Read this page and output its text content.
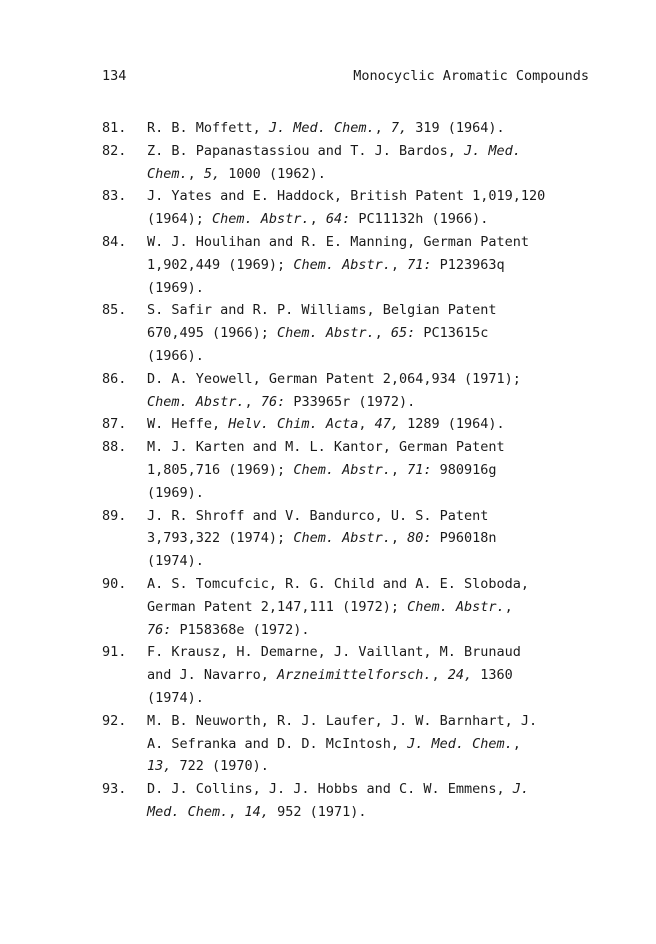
134	Monocyclic Aromatic Compounds
81. R. B. Moffett, J. Med. Chem., 7, 319 (1964).
82. Z. B. Papanastassiou and T. J. Bardos, J. Med.
Chem., 5, 1000 (1962).
83. J. Yates and E. Haddock, British Patent 1,019,120
(1964); Chem. Abstr., 64: PC11132h (1966).
84. W. J. Houlihan and R. E. Manning, German Patent
1,902,449 (1969); Chem. Abstr., 71: P123963q
(1969).
85. S. Safir and R. P. Williams, Belgian Patent
670,495 (1966); Chem. Abstr., 65: PC13615c
(1966).
86. D. A. Yeowell, German Patent 2,064,934 (1971);
Chem. Abstr., 76: P33965r (1972).
87. W. Heffe, Helv. Chim. Acta, 47, 1289 (1964).
88. M. J. Karten and M. L. Kantor, German Patent
1,805,716 (1969); Chem. Abstr., 71: 980916g
(1969).
89. J. R. Shroff and V. Bandurco, U. S. Patent
3,793,322 (1974); Chem. Abstr., 80: P96018n
(1974).
90. A. S. Tomcufcic, R. G. Child and A. E. Sloboda,
German Patent 2,147,111 (1972); Chem. Abstr.,
76: P158368e (1972).
91. F. Krausz, H. Demarne, J. Vaillant, M. Brunaud
and J. Navarro, Arzneimittelforsch., 24, 1360
(1974).
92. M. B. Neuworth, R. J. Laufer, J. W. Barnhart, J.
A. Sefranka and D. D. McIntosh, J. Med. Chem.,
13, 722 (1970).
93. D. J. Collins, J. J. Hobbs and C. W. Emmens, J.
Med. Chem., 14, 952 (1971).
